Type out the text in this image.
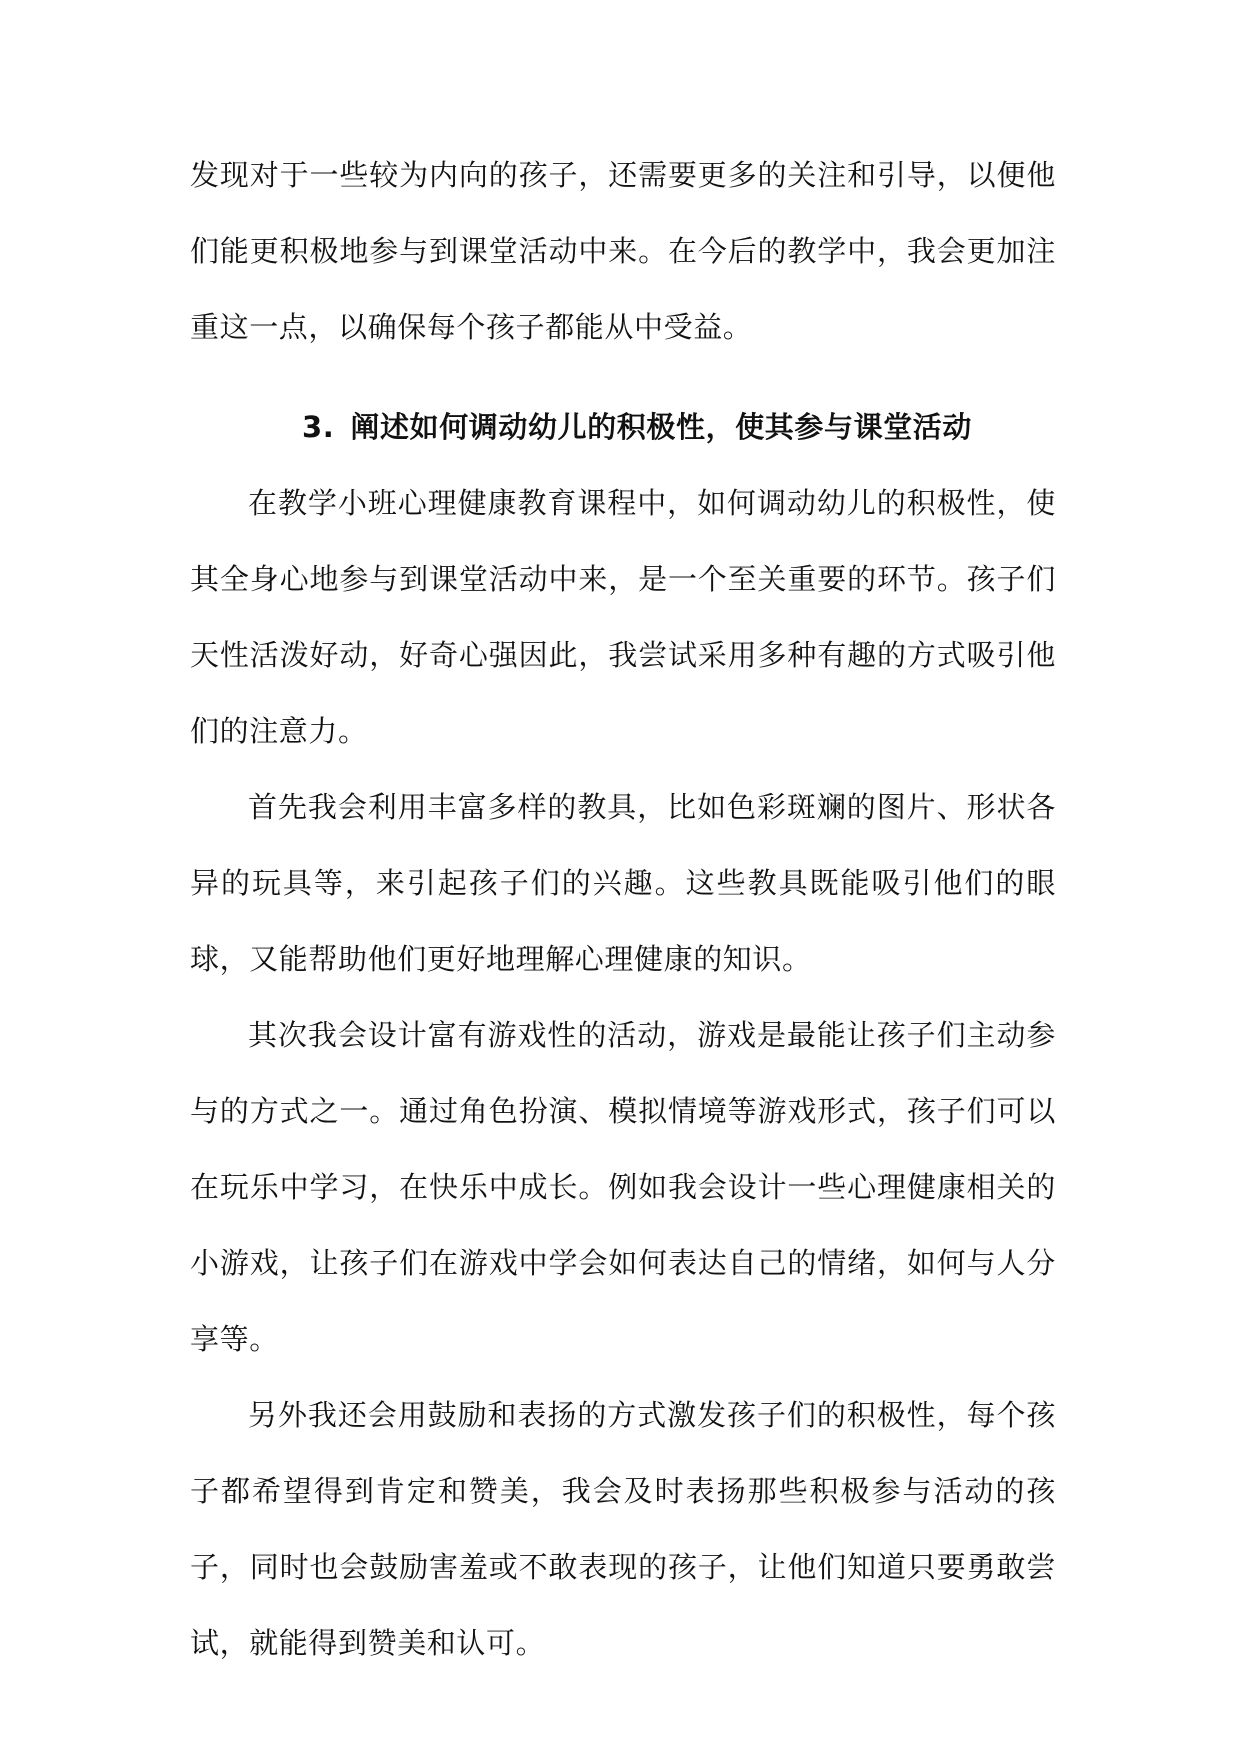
发现对于一些较为内向的孩子，还需要更多的关注和引导，以便他们能更积极地参与到课堂活动中来。在今后的教学中，我会更加注重这一点，以确保每个孩子都能从中受益。

3. 阐述如何调动幼儿的积极性，使其参与课堂活动

在教学小班心理健康教育课程中，如何调动幼儿的积极性，使其全身心地参与到课堂活动中来，是一个至关重要的环节。孩子们天性活泼好动，好奇心强因此，我尝试采用多种有趣的方式吸引他们的注意力。

首先我会利用丰富多样的教具，比如色彩斑斓的图片、形状各异的玩具等，来引起孩子们的兴趣。这些教具既能吸引他们的眼球，又能帮助他们更好地理解心理健康的知识。

其次我会设计富有游戏性的活动，游戏是最能让孩子们主动参与的方式之一。通过角色扮演、模拟情境等游戏形式，孩子们可以在玩乐中学习，在快乐中成长。例如我会设计一些心理健康相关的小游戏，让孩子们在游戏中学会如何表达自己的情绪，如何与人分享等。

另外我还会用鼓励和表扬的方式激发孩子们的积极性，每个孩子都希望得到肯定和赞美，我会及时表扬那些积极参与活动的孩子，同时也会鼓励害羞或不敢表现的孩子，让他们知道只要勇敢尝试，就能得到赞美和认可。
